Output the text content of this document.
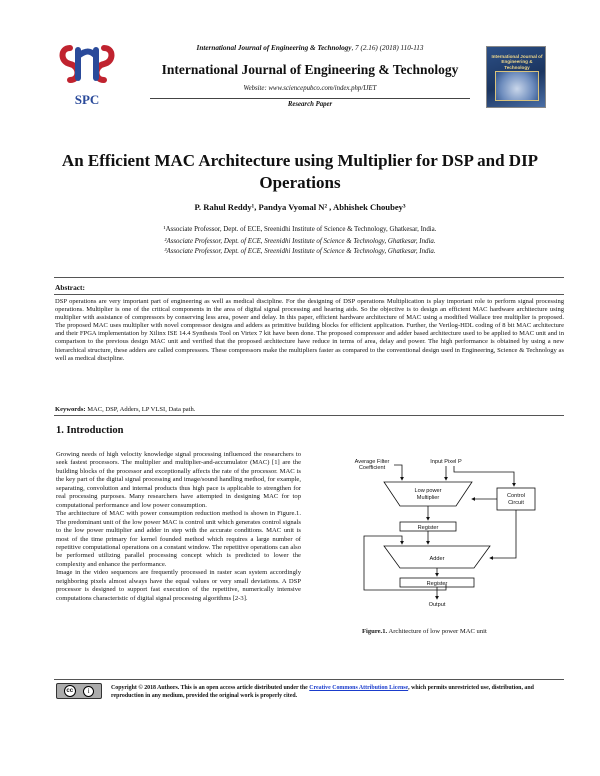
SPC
International Journal of Engineering & Technology, 7 (2.16) (2018) 110-113
International Journal of Engineering & Technology
Website: www.sciencepubco.com/index.php/IJET
Research Paper
International Journal of Engineering & Technology
An Efficient MAC Architecture using Multiplier for DSP and DIP Operations
P. Rahul Reddy¹, Pandya Vyomal N² , Abhishek Choubey³
¹Associate Professor, Dept. of ECE, Sreenidhi Institute of Science & Technology, Ghatkesar, India.
²Associate Professor, Dept. of ECE, Sreenidhi Institute of Science & Technology, Ghatkesar, India.
³Associate Professor, Dept. of ECE, Sreenidhi Institute of Science & Technology, Ghatkesar, India.
Abstract:
DSP operations are very important part of engineering as well as medical discipline. For the designing of DSP operations Multiplication is play important role to perform signal processing operations. Multiplier is one of the critical components in the area of digital signal processing and hearing aids. So the objective is to design an efficient MAC hardware architecture using multiplier with assistance of compressors by conserving less area, power and delay. In this paper, efficient hardware architecture of MAC using a modified Wallace tree multiplier is proposed. The proposed MAC uses multiplier with novel compressor designs and adders as primitive building blocks for efficient application. Further, the Verilog-HDL coding of 8 bit MAC architecture and their FPGA implementation by Xilinx ISE 14.4 Synthesis Tool on Virtex 7 kit have been done. The proposed compressor and adder based architecture used to be applied to MAC unit and in comparison to the previous design MAC unit and verified that the proposed architecture have reduce in terms of area, delay and power. The high performance is obtained by using a new hierarchical structure, these adders are called compressors. These compressors make the multipliers faster as compared to the conventional design used in Engineering, Science & Technology as well as medical discipline.
Keywords: MAC, DSP, Adders, LP VLSI, Data path.
1. Introduction

Growing needs of high velocity knowledge signal processing influenced the researchers to seek fastest processors. The multiplier and multiplier-and-accumulator (MAC) [1] are the building blocks of the processor and exceptionally affects the rate of the processor. MAC is the key part of the digital signal processing and image/sound handling method, for example, separating, convolution and internal products thus high pace is applicable to strengthen for real processing purposes. Many researchers have attempted in designing MAC for top computational performance and low power consumption.

The architecture of MAC with power consumption reduction method is shown in Figure.1. The predominant unit of the low power MAC is control unit which generates control signals to the low power multiplier and adder in step with the accurate conditions. MAC unit is most of the time primary for kernel founded method which requires a large number of repetitive computational operations on a constant window. The repetitive operations can also be performed utilizing parallel processing concept which is predicted to lower the complexity and enhance the performance.

Image in the video sequences are frequently processed in raster scan system accordingly neighboring pixels almost always have the equal values or very small deviations. A DSP processor is designed to support fast execution of the repetitive, numerically intensive computations characteristic of digital signal processing algorithms [2-3].

Average Filter
Coefficient
Input Pixel P
Low power
Multiplier	Control
Circuit
Register
Adder
Register
Output
Figure.1. Architecture of low power MAC unit
cc	i	Copyright © 2018 Authors. This is an open access article distributed under the Creative Commons Attribution License, which permits unrestricted use, distribution, and reproduction in any medium, provided the original work is properly cited.
